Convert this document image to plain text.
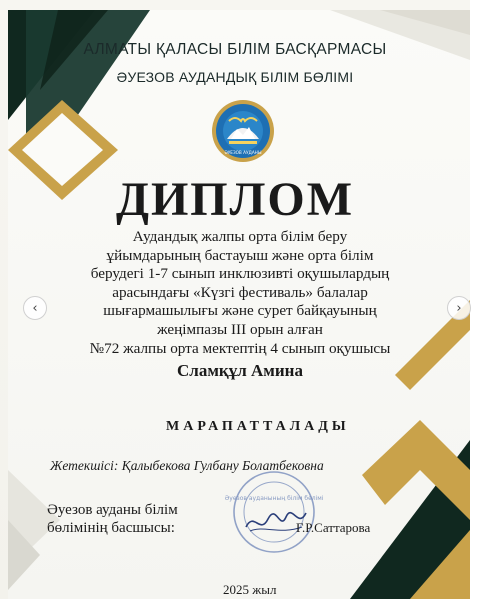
АЛМАТЫ ҚАЛАСЫ БІЛІМ БАСҚАРМАСЫ
ӘУЕЗОВ АУДАНДЫҚ БІЛІМ БӨЛІМІ
ӘУЕЗОВ АУДАНЫ
ДИПЛОМ
Аудандық жалпы орта білім беру
ұйымдарының бастауыш және орта білім
берудегі 1-7 сынып инклюзивті оқушылардың
арасындағы «Күзгі фестиваль» балалар
шығармашылығы және сурет байқауының
жеңімпазы III орын алған
№72 жалпы орта мектептің 4 сынып оқушысы
Сламқұл Амина
МАРАПАТТАЛАДЫ
Жетекшісі: Қалыбекова Гулбану Болатбековна
Әуезов ауданының білім бөлімі
Әуезов ауданы білім
бөлімінің басшысы:	Г.Р.Саттарова
2025 жыл
‹	›
